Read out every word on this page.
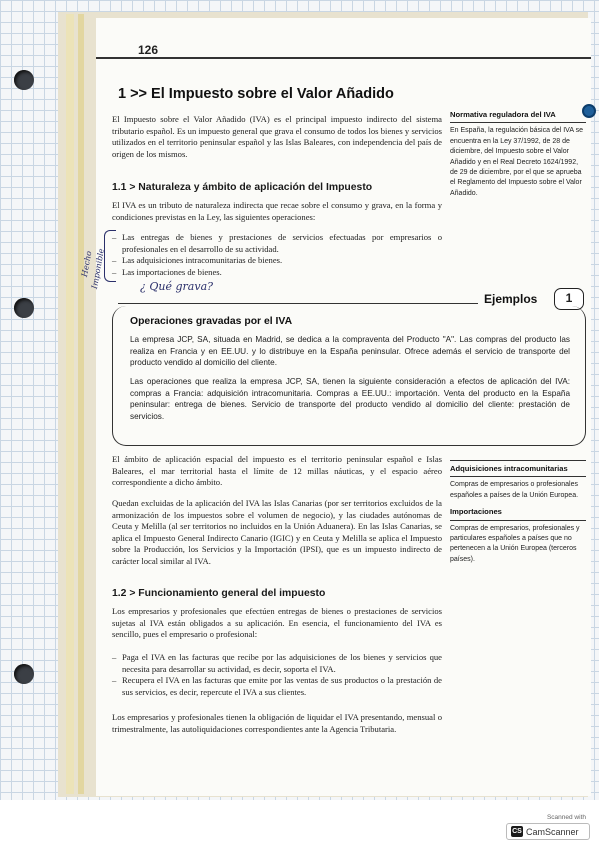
126
1 >> El Impuesto sobre el Valor Añadido

El Impuesto sobre el Valor Añadido (IVA) es el principal impuesto indirecto del sistema tributario español. Es un impuesto general que grava el consumo de todos los bienes y servicios utilizados en el territorio peninsular español y las Islas Baleares, con independencia del país de origen de los mismos.

Normativa reguladora del IVA
En España, la regulación básica del IVA se encuentra en la Ley 37/1992, de 28 de diciembre, del Impuesto sobre el Valor Añadido y en el Real Decreto 1624/1992, de 29 de diciembre, por el que se aprueba el Reglamento del Impuesto sobre el Valor Añadido.
1.1 > Naturaleza y ámbito de aplicación del Impuesto

El IVA es un tributo de naturaleza indirecta que recae sobre el consumo y grava, en la forma y condiciones previstas en la Ley, las siguientes operaciones:

– Las entregas de bienes y prestaciones de servicios efectuadas por empresarios o profesionales en el desarrollo de su actividad.
– Las adquisiciones intracomunitarias de bienes.
– Las importaciones de bienes.
Hecho
Imponible	¿ Qué grava?
Ejemplos	1
Operaciones gravadas por el IVA

La empresa JCP, SA, situada en Madrid, se dedica a la compraventa del Producto "A". Las compras del producto las realiza en Francia y en EE.UU. y lo distribuye en la España peninsular. Ofrece además el servicio de transporte del producto vendido al domicilio del cliente.

Las operaciones que realiza la empresa JCP, SA, tienen la siguiente consideración a efectos de aplicación del IVA: compras a Francia: adquisición intracomunitaria. Compras a EE.UU.: importación. Venta del producto en la España peninsular: entrega de bienes. Servicio de transporte del producto vendido al domicilio del cliente: prestación de servicios.

El ámbito de aplicación espacial del impuesto es el territorio peninsular español e Islas Baleares, el mar territorial hasta el límite de 12 millas náuticas, y el espacio aéreo correspondiente a dicho ámbito.

Quedan excluidas de la aplicación del IVA las Islas Canarias (por ser territorios excluidos de la armonización de los impuestos sobre el volumen de negocio), y las ciudades autónomas de Ceuta y Melilla (al ser territorios no incluidos en la Unión Aduanera). En las Islas Canarias, se aplica el Impuesto General Indirecto Canario (IGIC) y en Ceuta y Melilla se aplica el Impuesto sobre la Producción, los Servicios y la Importación (IPSI), que es un impuesto indirecto de carácter local similar al IVA.

Adquisiciones intracomunitarias
Compras de empresarios o profesionales españoles a países de la Unión Europea.
Importaciones
Compras de empresarios, profesionales y particulares españoles a países que no pertenecen a la Unión Europea (terceros países).
1.2 > Funcionamiento general del impuesto

Los empresarios y profesionales que efectúen entregas de bienes o prestaciones de servicios sujetas al IVA están obligados a su aplicación. En esencia, el funcionamiento del IVA es sencillo, pues el empresario o profesional:

– Paga el IVA en las facturas que recibe por las adquisiciones de los bienes y servicios que necesita para desarrollar su actividad, es decir, soporta el IVA.
– Recupera el IVA en las facturas que emite por las ventas de sus productos o la prestación de sus servicios, es decir, repercute el IVA a sus clientes.

Los empresarios y profesionales tienen la obligación de liquidar el IVA presentando, mensual o trimestralmente, las autoliquidaciones correspondientes ante la Agencia Tributaria.

Scanned with
CS CamScanner
